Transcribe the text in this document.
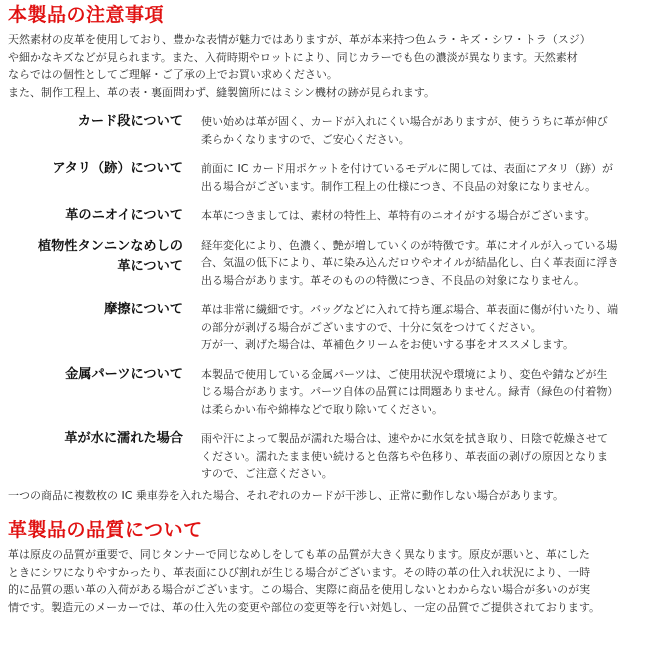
本製品の注意事項
天然素材の皮革を使用しており、豊かな表情が魅力ではありますが、革が本来持つ色ムラ・キズ・シワ・トラ（スジ）
や細かなキズなどが見られます。また、入荷時期やロットにより、同じカラーでも色の濃淡が異なります。天然素材
ならではの個性としてご理解・ご了承の上でお買い求めください。
また、制作工程上、革の表・裏面問わず、縫製箇所にはミシン機材の跡が見られます。
カード段について 使い始めは革が固く、カードが入れにくい場合がありますが、使ううちに革が伸び
柔らかくなりますので、ご安心ください。
アタリ（跡）について 前面に IC カード用ポケットを付けているモデルに関しては、表面にアタリ（跡）が
出る場合がございます。制作工程上の仕様につき、不良品の対象になりません。
革のニオイについて 本革につきましては、素材の特性上、革特有のニオイがする場合がございます。
植物性タンニンなめしの
革について
経年変化により、色濃く、艶が増していくのが特徴です。革にオイルが入っている場
合、気温の低下により、革に染み込んだロウやオイルが結晶化し、白く革表面に浮き
出る場合があります。革そのものの特徴につき、不良品の対象になりません。
摩擦について 革は非常に繊細です。バッグなどに入れて持ち運ぶ場合、革表面に傷が付いたり、端
の部分が剥げる場合がございますので、十分に気をつけてください。
万が一、剥げた場合は、革補色クリームをお使いする事をオススメします。
金属パーツについて 本製品で使用している金属パーツは、ご使用状況や環境により、変色や錆などが生
じる場合があります。パーツ自体の品質には問題ありません。緑青（緑色の付着物）
は柔らかい布や綿棒などで取り除いてください。
革が水に濡れた場合 雨や汗によって製品が濡れた場合は、速やかに水気を拭き取り、日陰で乾燥させて
ください。濡れたまま使い続けると色落ちや色移り、革表面の剥げの原因となりま
すので、ご注意ください。
一つの商品に複数枚の IC 乗車券を入れた場合、それぞれのカードが干渉し、正常に動作しない場合があります。
革製品の品質について
革は原皮の品質が重要で、同じタンナーで同じなめしをしても革の品質が大きく異なります。原皮が悪いと、革にした
ときにシワになりやすかったり、革表面にひび割れが生じる場合がございます。その時の革の仕入れ状況により、一時
的に品質の悪い革の入荷がある場合がございます。この場合、実際に商品を使用しないとわからない場合が多いのが実
情です。製造元のメーカーでは、革の仕入先の変更や部位の変更等を行い対処し、一定の品質でご提供されております。
